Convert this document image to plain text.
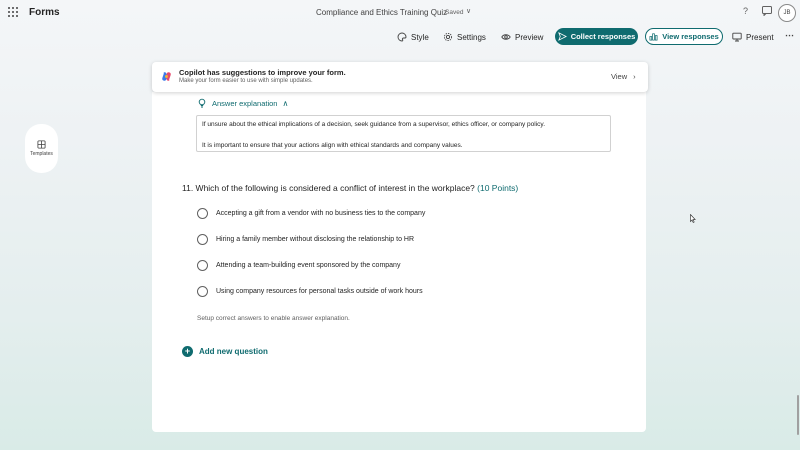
Forms	Compliance and Ethics Training Quiz
Saved ∨	?	JB
Style	Settings	Preview	Collect responses	View responses	Present ⋯
Templates
Copilot has suggestions to improve your form.
Make your form easier to use with simple updates.	View ›
Answer explanation ∧

If unsure about the ethical implications of a decision, seek guidance from a supervisor, ethics officer, or company policy.

It is important to ensure that your actions align with ethical standards and company values.

11. Which of the following is considered a conflict of interest in the workplace? (10 Points)
Accepting a gift from a vendor with no business ties to the company
Hiring a family member without disclosing the relationship to HR
Attending a team-building event sponsored by the company
Using company resources for personal tasks outside of work hours
Setup correct answers to enable answer explanation.
+	Add new question
